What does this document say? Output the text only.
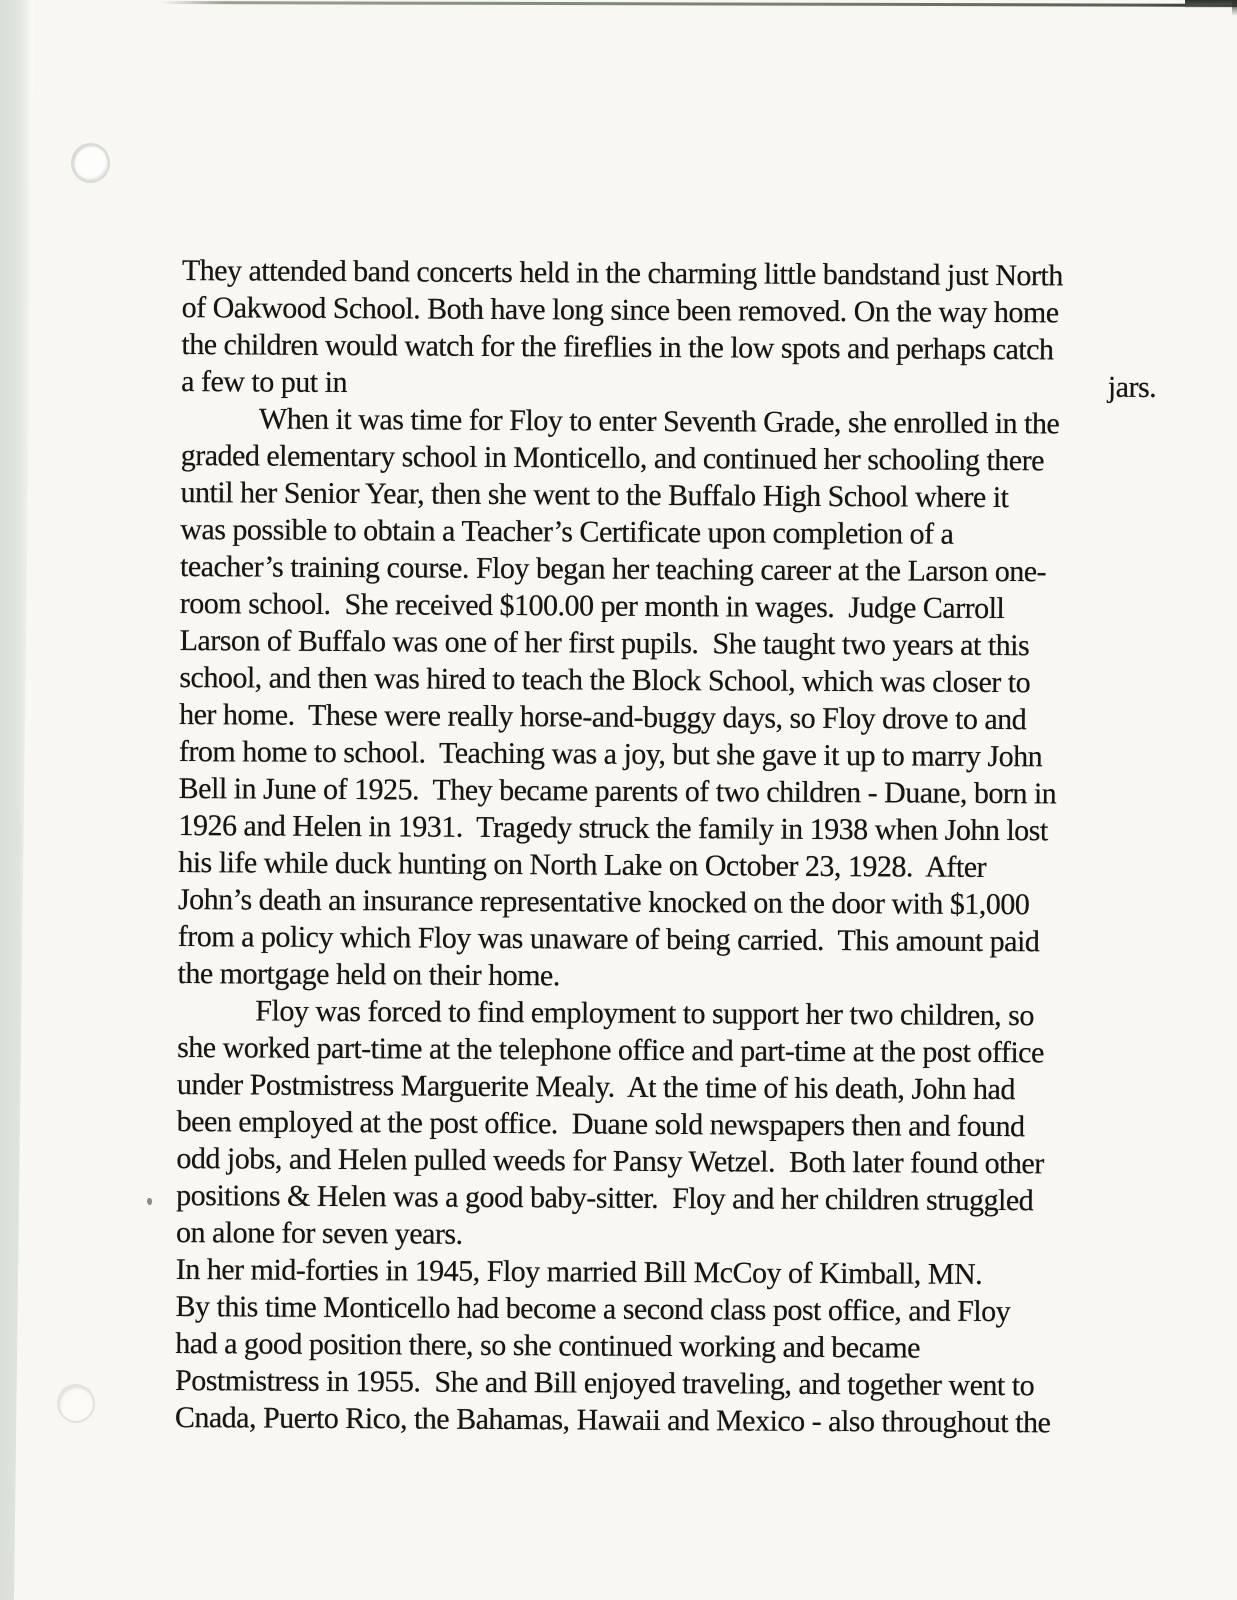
They attended band concerts held in the charming little bandstand just North
of Oakwood School. Both have long since been removed. On the way home
the children would watch for the fireflies in the low spots and perhaps catch
a few to put in	jars.
When it was time for Floy to enter Seventh Grade, she enrolled in the
graded elementary school in Monticello, and continued her schooling there
until her Senior Year, then she went to the Buffalo High School where it
was possible to obtain a Teacher’s Certificate upon completion of a
teacher’s training course. Floy began her teaching career at the Larson one-
room school.  She received $100.00 per month in wages.  Judge Carroll
Larson of Buffalo was one of her first pupils.  She taught two years at this
school, and then was hired to teach the Block School, which was closer to
her home.  These were really horse-and-buggy days, so Floy drove to and
from home to school.  Teaching was a joy, but she gave it up to marry John
Bell in June of 1925.  They became parents of two children - Duane, born in
1926 and Helen in 1931.  Tragedy struck the family in 1938 when John lost
his life while duck hunting on North Lake on October 23, 1928.  After
John’s death an insurance representative knocked on the door with $1,000
from a policy which Floy was unaware of being carried.  This amount paid
the mortgage held on their home.
Floy was forced to find employment to support her two children, so
she worked part-time at the telephone office and part-time at the post office
under Postmistress Marguerite Mealy.  At the time of his death, John had
been employed at the post office.  Duane sold newspapers then and found
odd jobs, and Helen pulled weeds for Pansy Wetzel.  Both later found other
positions & Helen was a good baby-sitter.  Floy and her children struggled
on alone for seven years.
In her mid-forties in 1945, Floy married Bill McCoy of Kimball, MN.
By this time Monticello had become a second class post office, and Floy
had a good position there, so she continued working and became
Postmistress in 1955.  She and Bill enjoyed traveling, and together went to
Cnada, Puerto Rico, the Bahamas, Hawaii and Mexico - also throughout the
